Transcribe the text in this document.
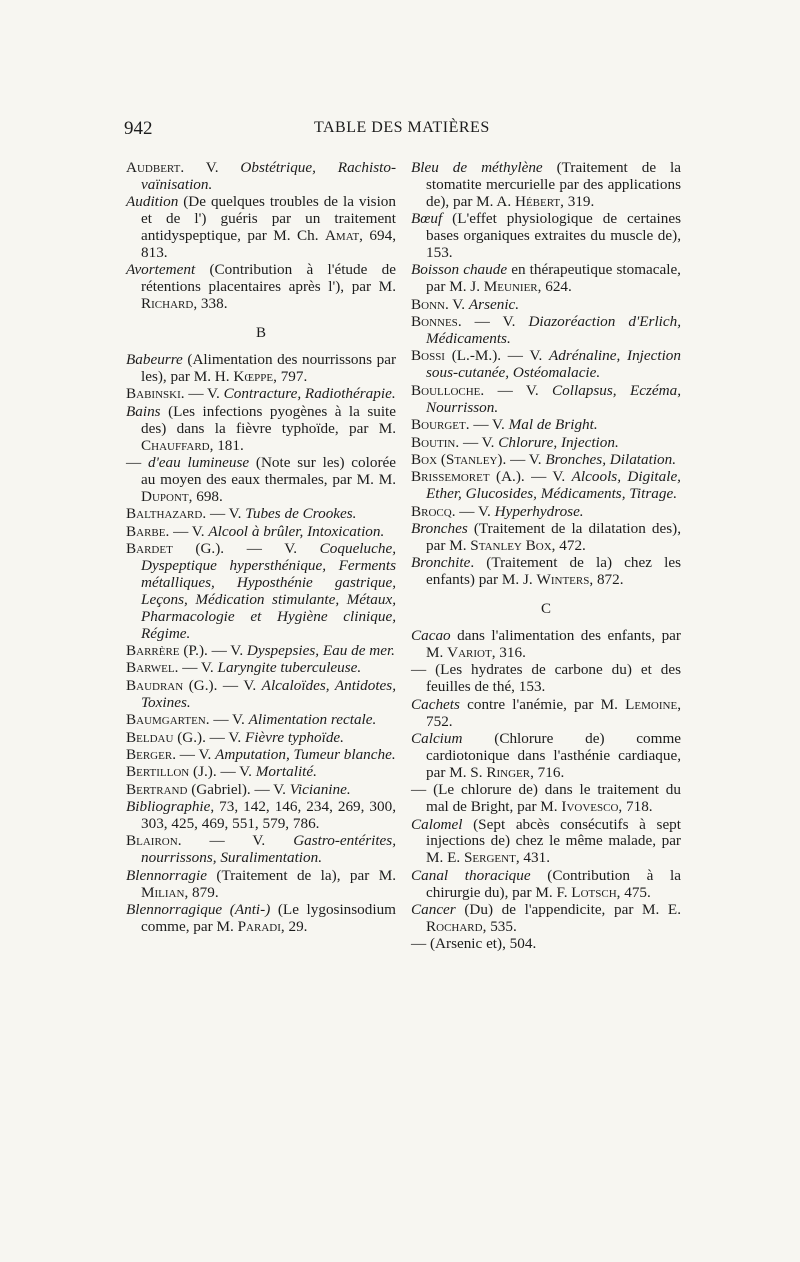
942	TABLE DES MATIÈRES

Audbert. V. Obstétrique, Rachisto-vaïnisation.

Audition (De quelques troubles de la vision et de l') guéris par un traitement antidyspeptique, par M. Ch. Amat, 694, 813.

Avortement (Contribution à l'étude de rétentions placentaires après l'), par M. Richard, 338.

B

Babeurre (Alimentation des nourrissons par les), par M. H. Kœppe, 797.

Babinski. — V. Contracture, Radiothérapie.

Bains (Les infections pyogènes à la suite des) dans la fièvre typhoïde, par M. Chauffard, 181.

— d'eau lumineuse (Note sur les) colorée au moyen des eaux thermales, par M. M. Dupont, 698.

Balthazard. — V. Tubes de Crookes.

Barbe. — V. Alcool à brûler, Intoxication.

Bardet (G.). — V. Coqueluche, Dyspeptique hypersthénique, Ferments métalliques, Hyposthénie gastrique, Leçons, Médication stimulante, Métaux, Pharmacologie et Hygiène clinique, Régime.

Barrère (P.). — V. Dyspepsies, Eau de mer.

Barwel. — V. Laryngite tuberculeuse.

Baudran (G.). — V. Alcaloïdes, Antidotes, Toxines.

Baumgarten. — V. Alimentation rectale.

Beldau (G.). — V. Fièvre typhoïde.

Berger. — V. Amputation, Tumeur blanche.

Bertillon (J.). — V. Mortalité.

Bertrand (Gabriel). — V. Vicianine.

Bibliographie, 73, 142, 146, 234, 269, 300, 303, 425, 469, 551, 579, 786.

Blairon. — V. Gastro-entérites, nourrissons, Suralimentation.

Blennorragie (Traitement de la), par M. Milian, 879.

Blennorragique (Anti-) (Le lygosinsodium comme, par M. Paradi, 29.

Bleu de méthylène (Traitement de la stomatite mercurielle par des applications de), par M. A. Hébert, 319.

Bœuf (L'effet physiologique de certaines bases organiques extraites du muscle de), 153.

Boisson chaude en thérapeutique stomacale, par M. J. Meunier, 624.

Bonn. V. Arsenic.

Bonnes. — V. Diazoréaction d'Erlich, Médicaments.

Bossi (L.-M.). — V. Adrénaline, Injection sous-cutanée, Ostéomalacie.

Boulloche. — V. Collapsus, Eczéma, Nourrisson.

Bourget. — V. Mal de Bright.

Boutin. — V. Chlorure, Injection.

Box (Stanley). — V. Bronches, Dilatation.

Brissemoret (A.). — V. Alcools, Digitale, Ether, Glucosides, Médicaments, Titrage.

Brocq. — V. Hyperhydrose.

Bronches (Traitement de la dilatation des), par M. Stanley Box, 472.

Bronchite. (Traitement de la) chez les enfants) par M. J. Winters, 872.

C

Cacao dans l'alimentation des enfants, par M. Variot, 316.

— (Les hydrates de carbone du) et des feuilles de thé, 153.

Cachets contre l'anémie, par M. Lemoine, 752.

Calcium (Chlorure de) comme cardiotonique dans l'asthénie cardiaque, par M. S. Ringer, 716.

— (Le chlorure de) dans le traitement du mal de Bright, par M. Ivovesco, 718.

Calomel (Sept abcès consécutifs à sept injections de) chez le même malade, par M. E. Sergent, 431.

Canal thoracique (Contribution à la chirurgie du), par M. F. Lotsch, 475.

Cancer (Du) de l'appendicite, par M. E. Rochard, 535.

— (Arsenic et), 504.
